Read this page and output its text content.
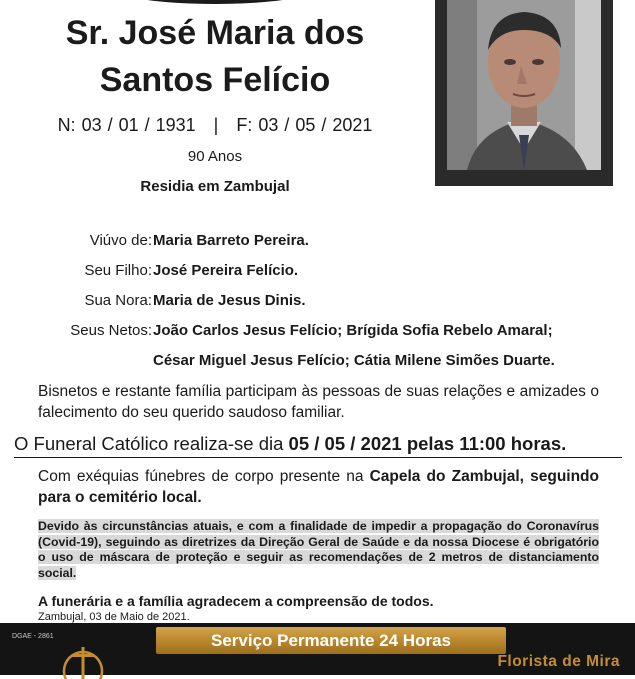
Sr. José Maria dos
Santos Felício
N: 03 / 01 / 1931 | F: 03 / 05 / 2021
90 Anos
Residia em Zambujal
Viúvo de: Maria Barreto Pereira.
Seu Filho: José Pereira Felício.
Sua Nora: Maria de Jesus Dinis.
Seus Netos: João Carlos Jesus Felício; Brígida Sofia Rebelo Amaral;
César Miguel Jesus Felício; Cátia Milene Simões Duarte.
Bisnetos e restante família participam às pessoas de suas relações e amizades o falecimento do seu querido saudoso familiar.
O Funeral Católico realiza-se dia 05 / 05 / 2021 pelas 11:00 horas.
Com exéquias fúnebres de corpo presente na Capela do Zambujal, seguindo para o cemitério local.
Devido às circunstâncias atuais, e com a finalidade de impedir a propagação do Coronavírus (Covid-19), seguindo as diretrizes da Direção Geral de Saúde e da nossa Diocese é obrigatório o uso de máscara de proteção e seguir as recomendações de 2 metros de distanciamento social.
A funerária e a família agradecem a compreensão de todos.
Zambujal, 03 de Maio de 2021.
DGAE - 2861	Serviço Permanente 24 Horas
Florista de Mira
